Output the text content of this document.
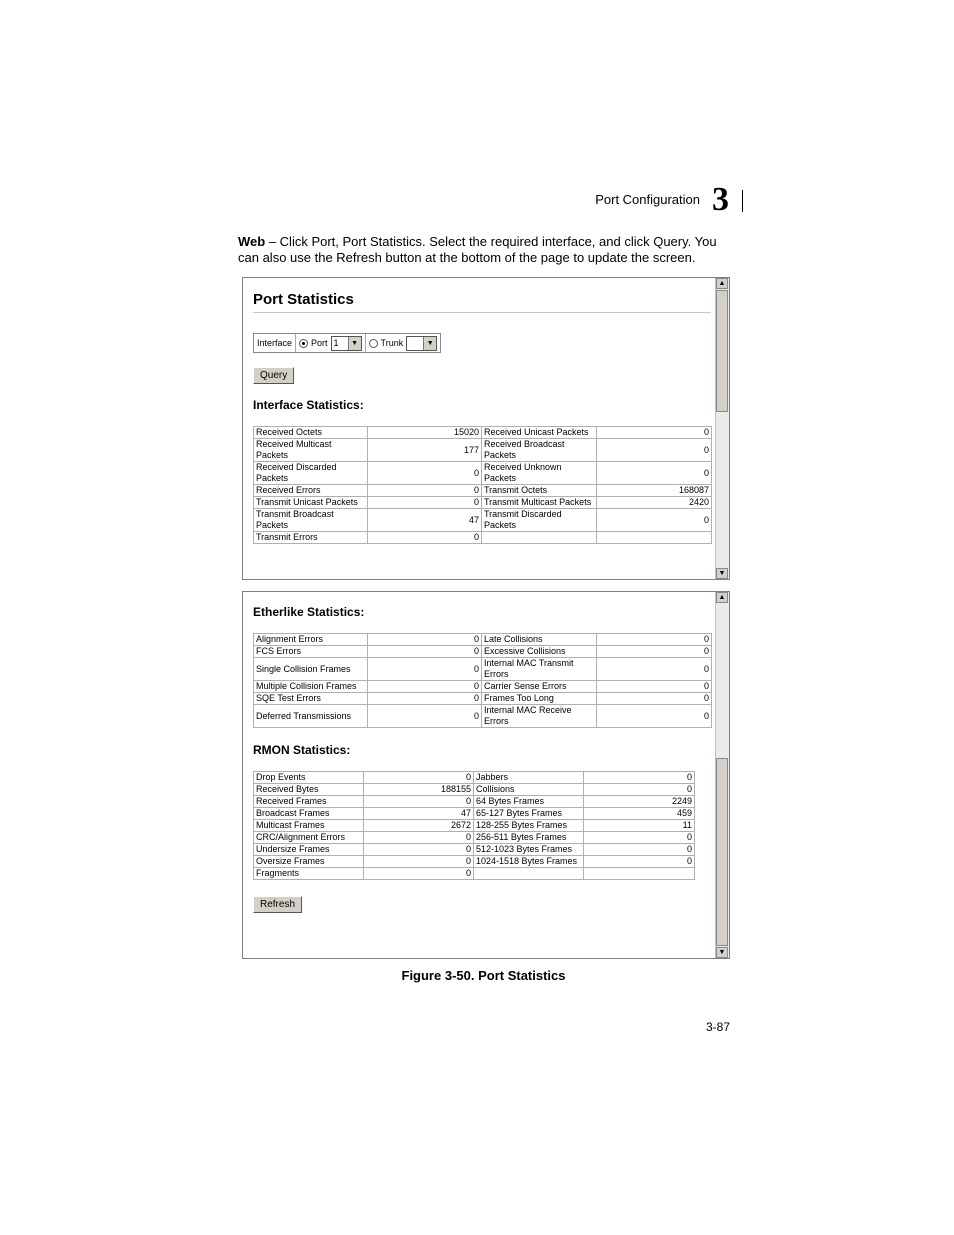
Port Configuration 3
Web – Click Port, Port Statistics. Select the required interface, and click Query. You can also use the Refresh button at the bottom of the page to update the screen.
Port Statistics
Interface	Port 1	▼	Trunk	▼
Query
Interface Statistics:
Received Octets	15020	Received Unicast Packets	0
Received Multicast Packets	177	Received Broadcast Packets	0
Received Discarded Packets	0	Received Unknown Packets	0
Received Errors	0	Transmit Octets	168087
Transmit Unicast Packets	0	Transmit Multicast Packets	2420
Transmit Broadcast Packets	47	Transmit Discarded Packets	0
Transmit Errors	0		
▲
▼
Etherlike Statistics:
Alignment Errors	0	Late Collisions	0
FCS Errors	0	Excessive Collisions	0
Single Collision Frames	0	Internal MAC Transmit Errors	0
Multiple Collision Frames	0	Carrier Sense Errors	0
SQE Test Errors	0	Frames Too Long	0
Deferred Transmissions	0	Internal MAC Receive Errors	0
RMON Statistics:
Drop Events	0	Jabbers	0
Received Bytes	188155	Collisions	0
Received Frames	0	64 Bytes Frames	2249
Broadcast Frames	47	65-127 Bytes Frames	459
Multicast Frames	2672	128-255 Bytes Frames	11
CRC/Alignment Errors	0	256-511 Bytes Frames	0
Undersize Frames	0	512-1023 Bytes Frames	0
Oversize Frames	0	1024-1518 Bytes Frames	0
Fragments	0		
Refresh
▲
▼
Figure 3-50. Port Statistics
3-87
